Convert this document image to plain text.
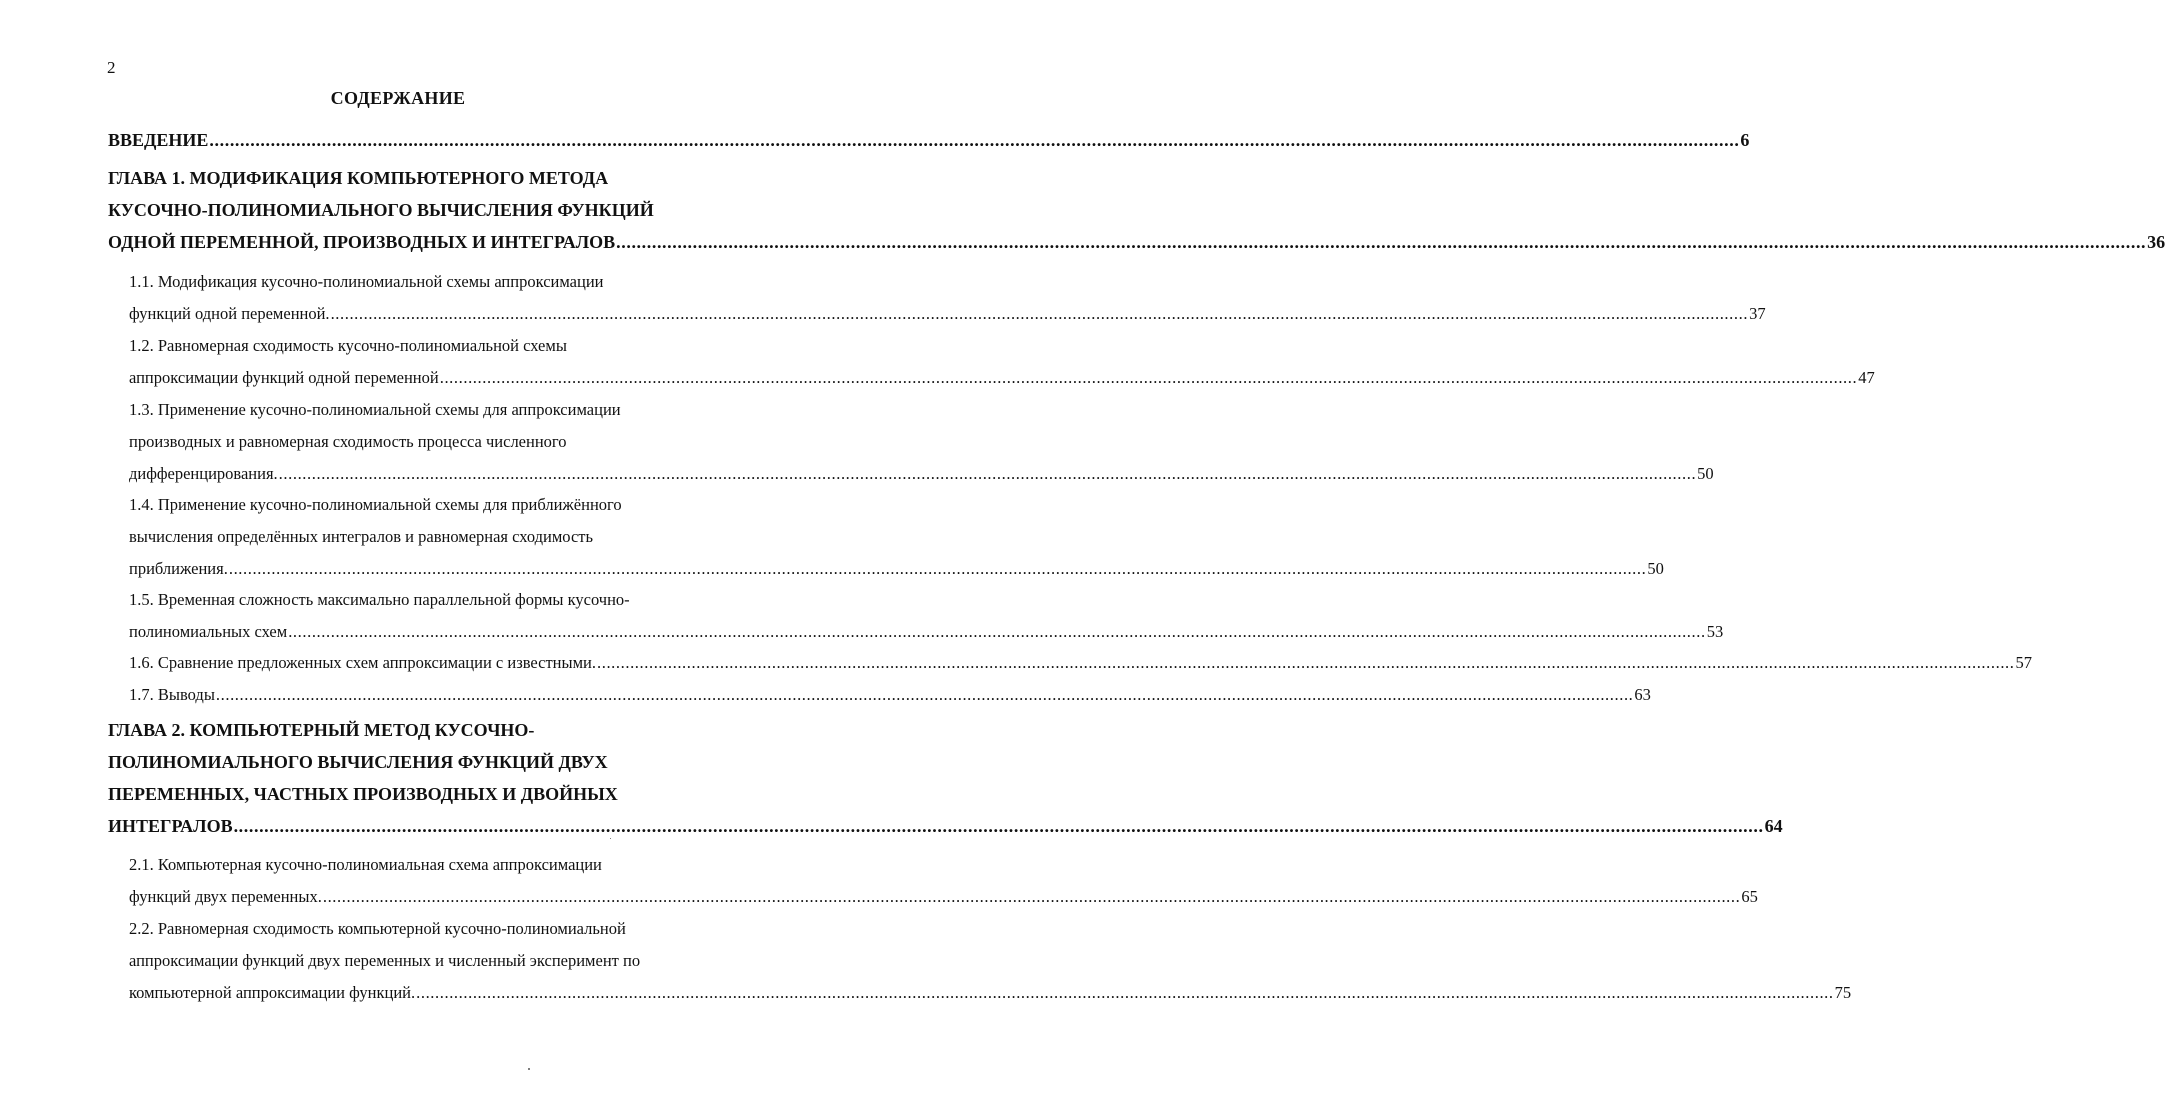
2
СОДЕРЖАНИЕ
ВВЕДЕНИЕ ............................................................................................................................................................................................................................................................................................................ 6
ГЛАВА 1. МОДИФИКАЦИЯ КОМПЬЮТЕРНОГО МЕТОДА
КУСОЧНО-ПОЛИНОМИАЛЬНОГО ВЫЧИСЛЕНИЯ ФУНКЦИЙ
ОДНОЙ ПЕРЕМЕННОЙ, ПРОИЗВОДНЫХ И ИНТЕГРАЛОВ ............................................................................................................................................................................................................................................................................................................ 36
1.1. Модификация кусочно-полиномиальной схемы аппроксимации
функций одной переменной. ............................................................................................................................................................................................................................................................................................................ 37
1.2. Равномерная сходимость кусочно-полиномиальной схемы
аппроксимации функций одной переменной ............................................................................................................................................................................................................................................................................................................ 47
1.3. Применение кусочно-полиномиальной схемы для аппроксимации
производных и равномерная сходимость процесса численного
дифференцирования. ............................................................................................................................................................................................................................................................................................................ 50
1.4. Применение кусочно-полиномиальной схемы для приближённого
вычисления определённых интегралов и равномерная сходимость
приближения. ............................................................................................................................................................................................................................................................................................................ 50
1.5. Временная сложность максимально параллельной формы кусочно-
полиномиальных схем ............................................................................................................................................................................................................................................................................................................ 53
1.6. Сравнение предложенных схем аппроксимации с известными. ............................................................................................................................................................................................................................................................................................................ 57
1.7. Выводы ............................................................................................................................................................................................................................................................................................................ 63
ГЛАВА 2. КОМПЬЮТЕРНЫЙ МЕТОД КУСОЧНО-
ПОЛИНОМИАЛЬНОГО ВЫЧИСЛЕНИЯ ФУНКЦИЙ ДВУХ
ПЕРЕМЕННЫХ, ЧАСТНЫХ ПРОИЗВОДНЫХ И ДВОЙНЫХ
ИНТЕГРАЛОВ ............................................................................................................................................................................................................................................................................................................ 64
2.1. Компьютерная кусочно-полиномиальная схема аппроксимации
функций двух переменных. ............................................................................................................................................................................................................................................................................................................ 65
2.2. Равномерная сходимость компьютерной кусочно-полиномиальной
аппроксимации функций двух переменных и численный эксперимент по
компьютерной аппроксимации функций. ............................................................................................................................................................................................................................................................................................................ 75
